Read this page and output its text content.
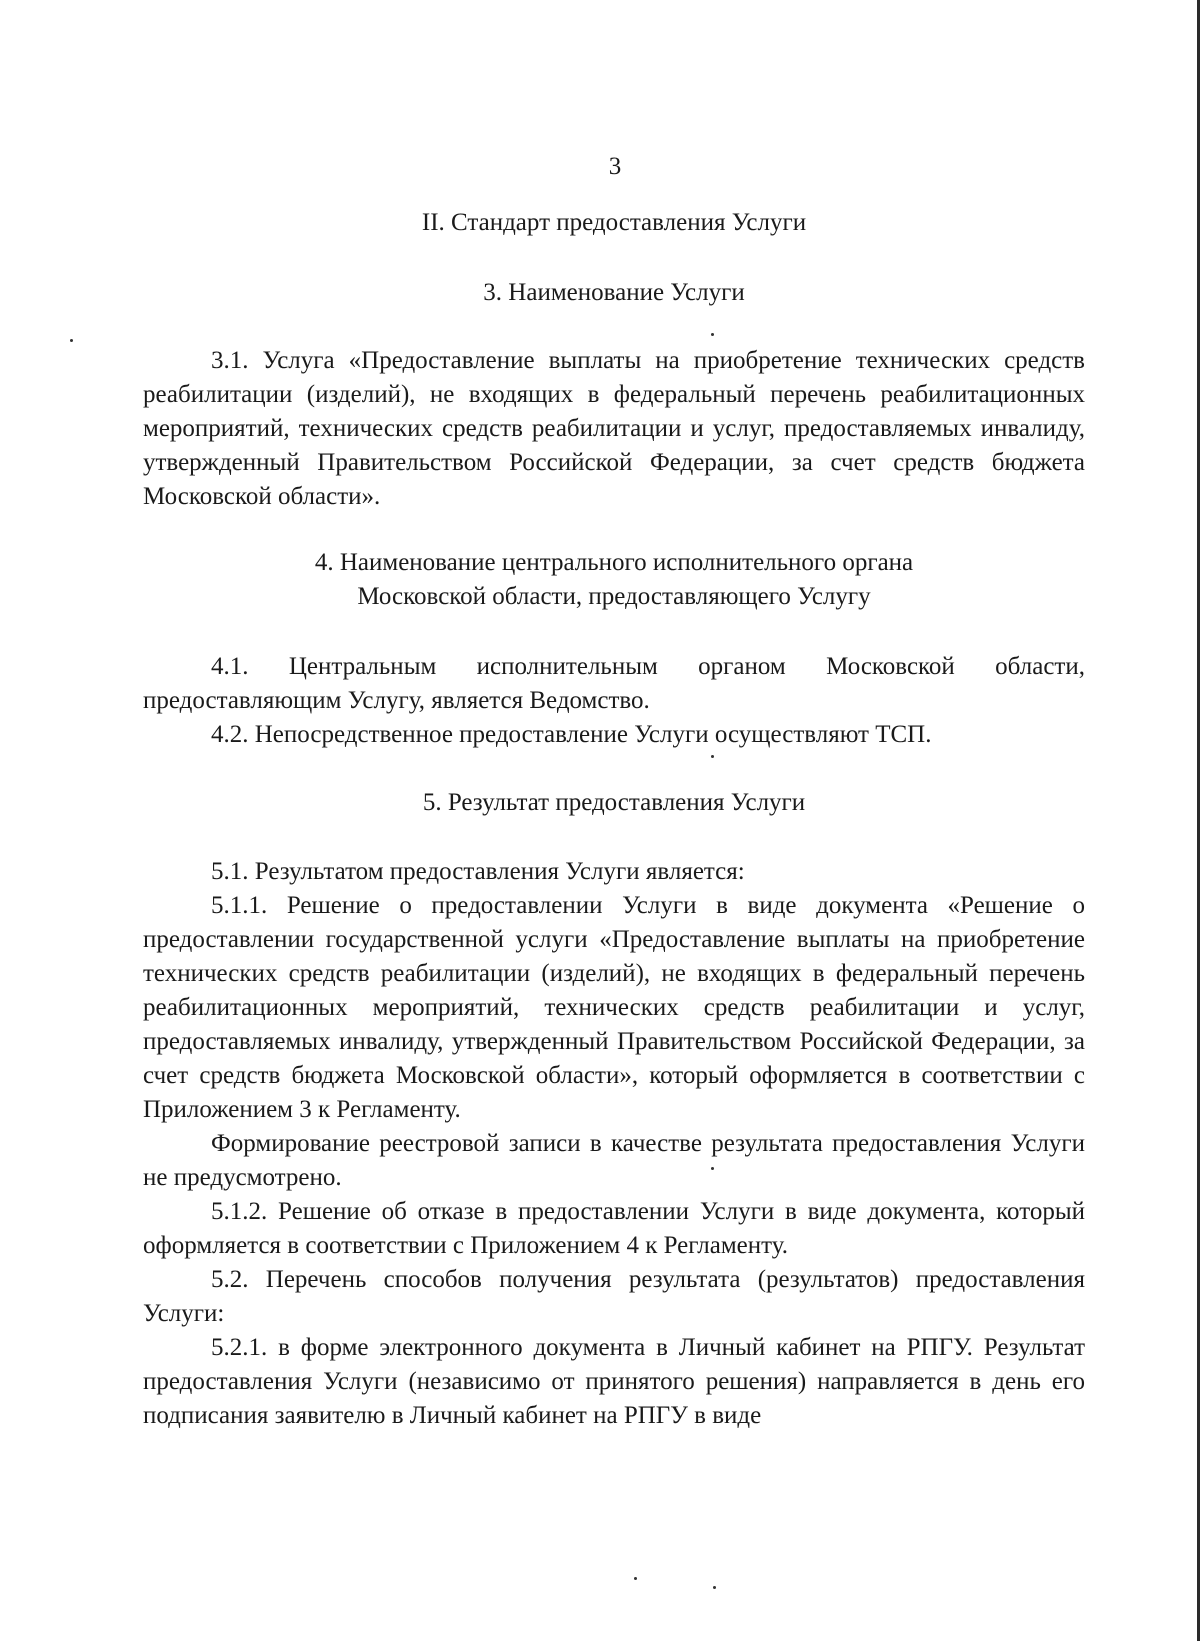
3
II. Стандарт предоставления Услуги
3. Наименование Услуги

3.1. Услуга «Предоставление выплаты на приобретение технических средств реабилитации (изделий), не входящих в федеральный перечень реабилитационных мероприятий, технических средств реабилитации и услуг, предоставляемых инвалиду, утвержденный Правительством Российской Федерации, за счет средств бюджета Московской области».

4. Наименование центрального исполнительного органа
Московской области, предоставляющего Услугу

4.1. Центральным исполнительным органом Московской области, предоставляющим Услугу, является Ведомство.

4.2. Непосредственное предоставление Услуги осуществляют ТСП.

5. Результат предоставления Услуги

5.1. Результатом предоставления Услуги является:

5.1.1. Решение о предоставлении Услуги в виде документа «Решение о предоставлении государственной услуги «Предоставление выплаты на приобретение технических средств реабилитации (изделий), не входящих в федеральный перечень реабилитационных мероприятий, технических средств реабилитации и услуг, предоставляемых инвалиду, утвержденный Правительством Российской Федерации, за счет средств бюджета Московской области», который оформляется в соответствии с Приложением 3 к Регламенту.

Формирование реестровой записи в качестве результата предоставления Услуги не предусмотрено.

5.1.2. Решение об отказе в предоставлении Услуги в виде документа, который оформляется в соответствии с Приложением 4 к Регламенту.

5.2. Перечень способов получения результата (результатов) предоставления Услуги:

5.2.1. в форме электронного документа в Личный кабинет на РПГУ. Результат предоставления Услуги (независимо от принятого решения) направляется в день его подписания заявителю в Личный кабинет на РПГУ в виде
